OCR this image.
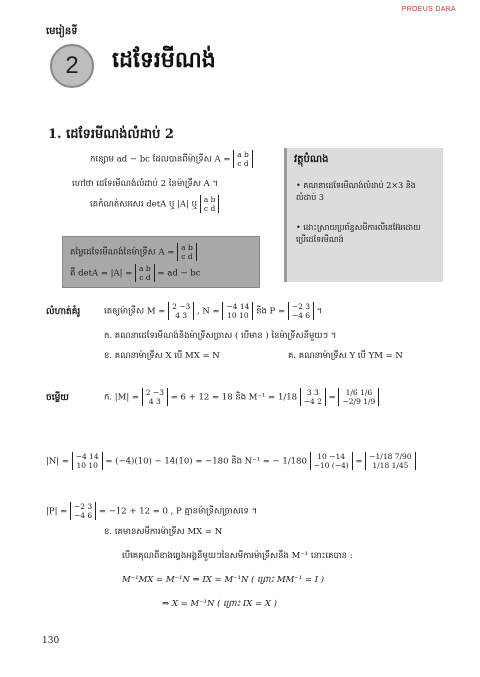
PROEUS DARA
មេរៀនទី
2 ដេទែរមីណង់
1. ដេទែរមីណង់លំដាប់ 2
កន្សោម ad − bc ដែលបានពីម៉ាទ្រីស A = a b
c d
ហៅថា ដេទែរមីណង់លំដាប់ 2 នៃម៉ាទ្រីស A ។
គេកំណត់សរសេរ detA ឬ |A| ឬ a b
c d
តម្លៃដេទែរមីណង់នៃម៉ាទ្រីស A = a b
c d
គឺ detA = |A| = a b
c d = ad − bc
វត្ថុបំណង
• គណនាដេទែរមីណង់លំដាប់ 2×3 និងលំដាប់ 3
• ដោះស្រាយប្រព័ន្ធសមីការលីនេអ៊ែរដោយប្រើដេទែរមីណង់
លំហាត់គំរូ	គេឲ្យម៉ាទ្រីស M = 2 −3
4 3	, N = −4 14
10 10 និង P = −2 3
−4 6 ។
ក. គណនាដេទែរមីណង់និងម៉ាទ្រីសច្រាស ( បើមាន ) នៃម៉ាទ្រីសនីមួយៗ ។
ខ. គណនាម៉ាទ្រីស X បើ MX = N	គ. គណនាម៉ាទ្រីស Y បើ YM = N
ចម្លើយ	ក. |M| = 2 −3
4 3	= 6 + 12 = 18 និង M⁻¹ = 1/18	3 3
−4 2 = 1/6 1/6
−2/9 1/9
|N| = −4 14
10 10 = (−4)(10) − 14(10) = −180 និង N⁻¹ = − 1/180	10 −14
−10 (−4) = −1/18 7/90
1/18 1/45
|P| = −2 3
−4 6 = −12 + 12 = 0 , P គ្មានម៉ាទ្រីសច្រាសទេ ។
ខ. គេមានសមីការម៉ាទ្រីស MX = N
បើគេគុណពីខាងឆ្វេងអង្គនីមួយៗនៃសមីការម៉ាទ្រីសនឹង M⁻¹ នោះគេបាន :
M⁻¹MX = M⁻¹N ⇒ IX = M⁻¹N ( ព្រោះ MM⁻¹ = I )
⇒ X = M⁻¹N ( ព្រោះ IX = X )
130
